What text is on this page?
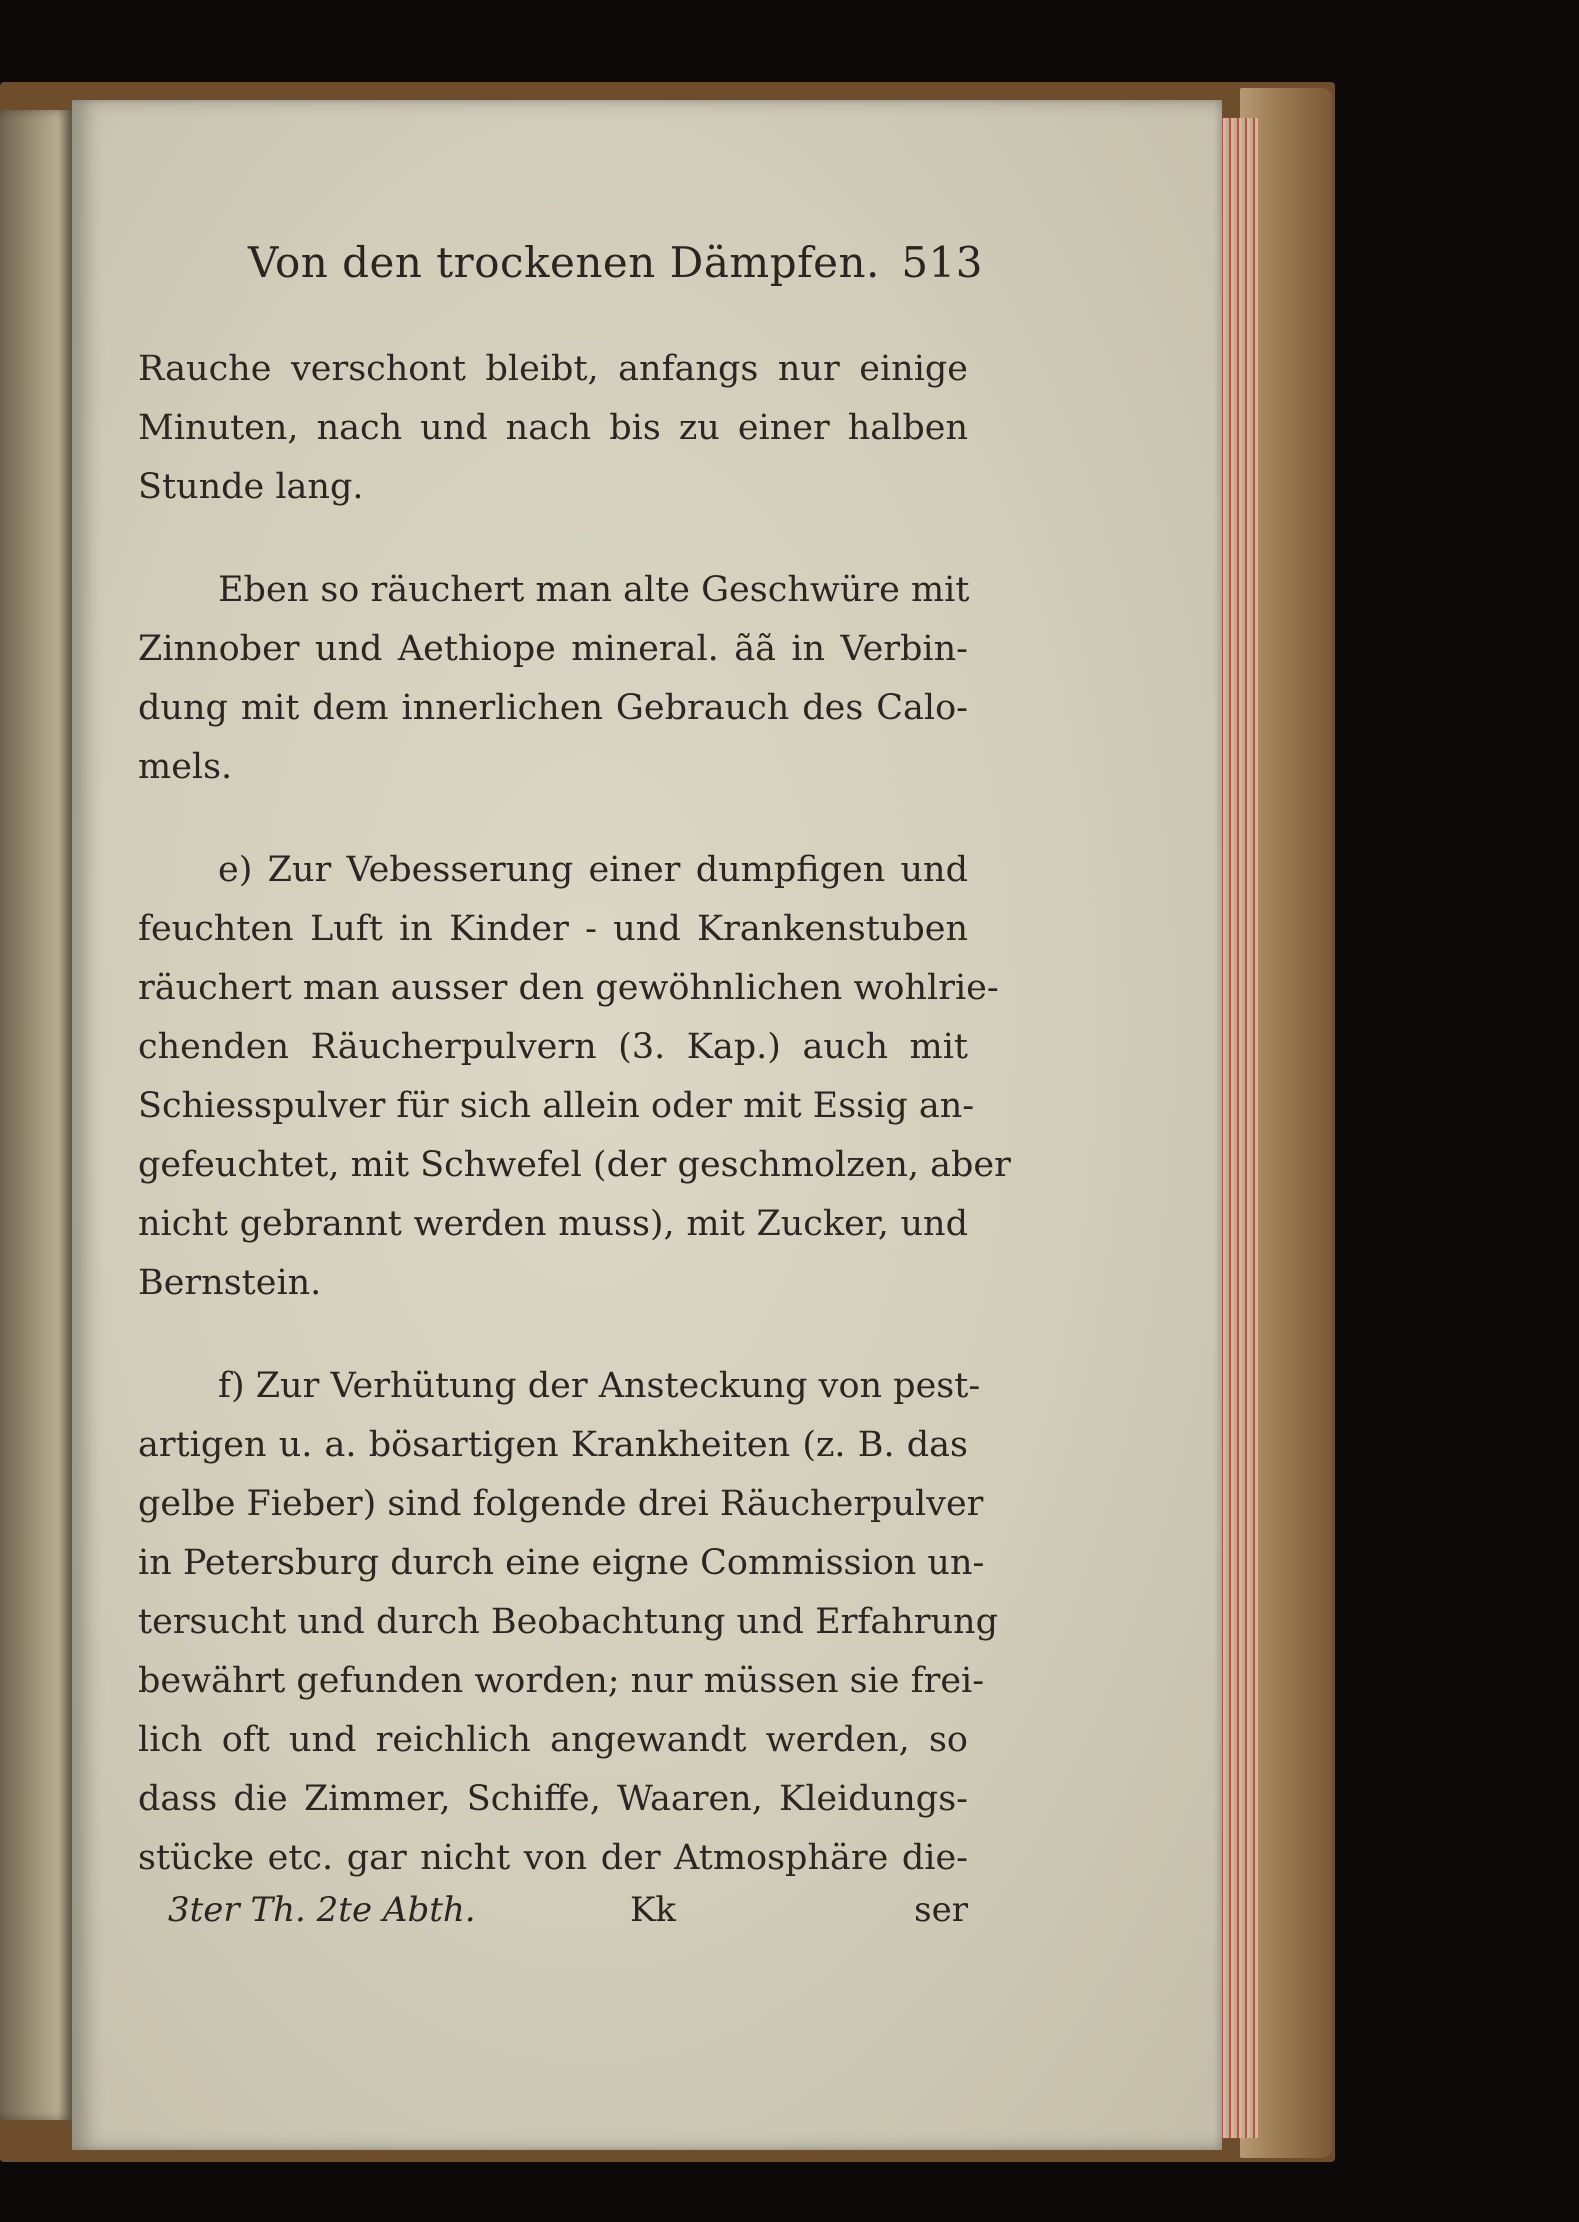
Von den trockenen Dämpfen. 513
Rauche verschont bleibt, anfangs nur einige
Minuten, nach und nach bis zu einer halben
Stunde lang.
Eben so räuchert man alte Geschwüre mit
Zinnober und Aethiope mineral. ãã in Verbin-
dung mit dem innerlichen Gebrauch des Calo-
mels.
e) Zur Vebesserung einer dumpfigen und
feuchten Luft in Kinder - und Krankenstuben
räuchert man ausser den gewöhnlichen wohlrie-
chenden Räucherpulvern (3. Kap.) auch mit
Schiesspulver für sich allein oder mit Essig an-
gefeuchtet, mit Schwefel (der geschmolzen, aber
nicht gebrannt werden muss), mit Zucker, und
Bernstein.
f) Zur Verhütung der Ansteckung von pest-
artigen u. a. bösartigen Krankheiten (z. B. das
gelbe Fieber) sind folgende drei Räucherpulver
in Petersburg durch eine eigne Commission un-
tersucht und durch Beobachtung und Erfahrung
bewährt gefunden worden; nur müssen sie frei-
lich oft und reichlich angewandt werden, so
dass die Zimmer, Schiffe, Waaren, Kleidungs-
stücke etc. gar nicht von der Atmosphäre die-
3ter Th. 2te Abth.	Kk	ser
